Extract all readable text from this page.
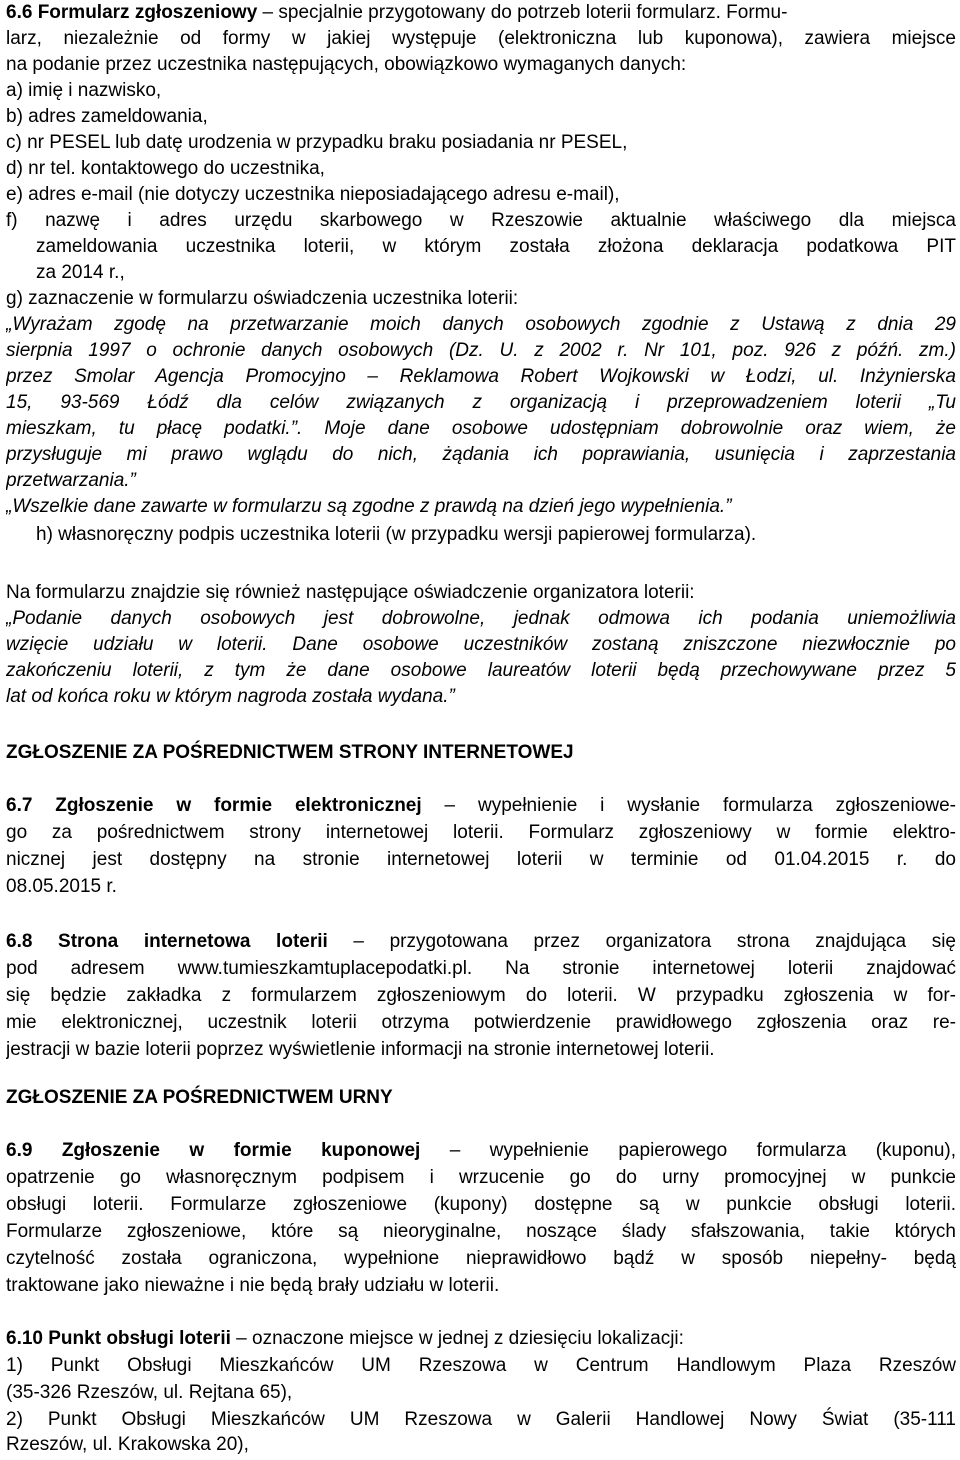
6.6 Formularz zgłoszeniowy – specjalnie przygotowany do potrzeb loterii formularz. Formu-
larz, niezależnie od formy w jakiej występuje (elektroniczna lub kuponowa), zawiera miejsce
na podanie przez uczestnika następujących, obowiązkowo wymaganych danych:
a) imię i nazwisko,
b) adres zameldowania,
c) nr PESEL lub datę urodzenia w przypadku braku posiadania nr PESEL,
d) nr tel. kontaktowego do uczestnika,
e) adres e-mail (nie dotyczy uczestnika nieposiadającego adresu e-mail),
f) nazwę i adres urzędu skarbowego w Rzeszowie aktualnie właściwego dla miejsca
zameldowania uczestnika loterii, w którym została złożona deklaracja podatkowa PIT
za 2014 r.,
g) zaznaczenie w formularzu oświadczenia uczestnika loterii:
„Wyrażam zgodę na przetwarzanie moich danych osobowych zgodnie z Ustawą z dnia 29
sierpnia 1997 o ochronie danych osobowych (Dz. U. z 2002 r. Nr 101, poz. 926 z późń. zm.)
przez Smolar Agencja Promocyjno – Reklamowa Robert Wojkowski w Łodzi, ul. Inżynierska
15, 93-569 Łódź dla celów związanych z organizacją i przeprowadzeniem loterii „Tu
mieszkam, tu płacę podatki.”. Moje dane osobowe udostępniam dobrowolnie oraz wiem, że
przysługuje mi prawo wglądu do nich, żądania ich poprawiania, usunięcia i zaprzestania
przetwarzania.”
„Wszelkie dane zawarte w formularzu są zgodne z prawdą na dzień jego wypełnienia.”
h) własnoręczny podpis uczestnika loterii (w przypadku wersji papierowej formularza).
Na formularzu znajdzie się również następujące oświadczenie organizatora loterii:
„Podanie danych osobowych jest dobrowolne, jednak odmowa ich podania uniemożliwia
wzięcie udziału w loterii. Dane osobowe uczestników zostaną zniszczone niezwłocznie po
zakończeniu loterii, z tym że dane osobowe laureatów loterii będą przechowywane przez 5
lat od końca roku w którym nagroda została wydana.”
ZGŁOSZENIE ZA POŚREDNICTWEM STRONY INTERNETOWEJ
6.7 Zgłoszenie w formie elektronicznej – wypełnienie i wysłanie formularza zgłoszeniowe-
go za pośrednictwem strony internetowej loterii. Formularz zgłoszeniowy w formie elektro-
nicznej jest dostępny na stronie internetowej loterii w terminie od 01.04.2015 r. do
08.05.2015 r.
6.8 Strona internetowa loterii – przygotowana przez organizatora strona znajdująca się
pod adresem www.tumieszkamtuplacepodatki.pl. Na stronie internetowej loterii znajdować
się będzie zakładka z formularzem zgłoszeniowym do loterii. W przypadku zgłoszenia w for-
mie elektronicznej, uczestnik loterii otrzyma potwierdzenie prawidłowego zgłoszenia oraz re-
jestracji w bazie loterii poprzez wyświetlenie informacji na stronie internetowej loterii.
ZGŁOSZENIE ZA POŚREDNICTWEM URNY
6.9 Zgłoszenie w formie kuponowej – wypełnienie papierowego formularza (kuponu),
opatrzenie go własnoręcznym podpisem i wrzucenie go do urny promocyjnej w punkcie
obsługi loterii. Formularze zgłoszeniowe (kupony) dostępne są w punkcie obsługi loterii.
Formularze zgłoszeniowe, które są nieoryginalne, noszące ślady sfałszowania, takie których
czytelność została ograniczona, wypełnione nieprawidłowo bądź w sposób niepełny- będą
traktowane jako nieważne i nie będą brały udziału w loterii.
6.10 Punkt obsługi loterii – oznaczone miejsce w jednej z dziesięciu lokalizacji:
1) Punkt Obsługi Mieszkańców UM Rzeszowa w Centrum Handlowym Plaza Rzeszów
(35-326 Rzeszów, ul. Rejtana 65),
2) Punkt Obsługi Mieszkańców UM Rzeszowa w Galerii Handlowej Nowy Świat (35-111
Rzeszów, ul. Krakowska 20),
